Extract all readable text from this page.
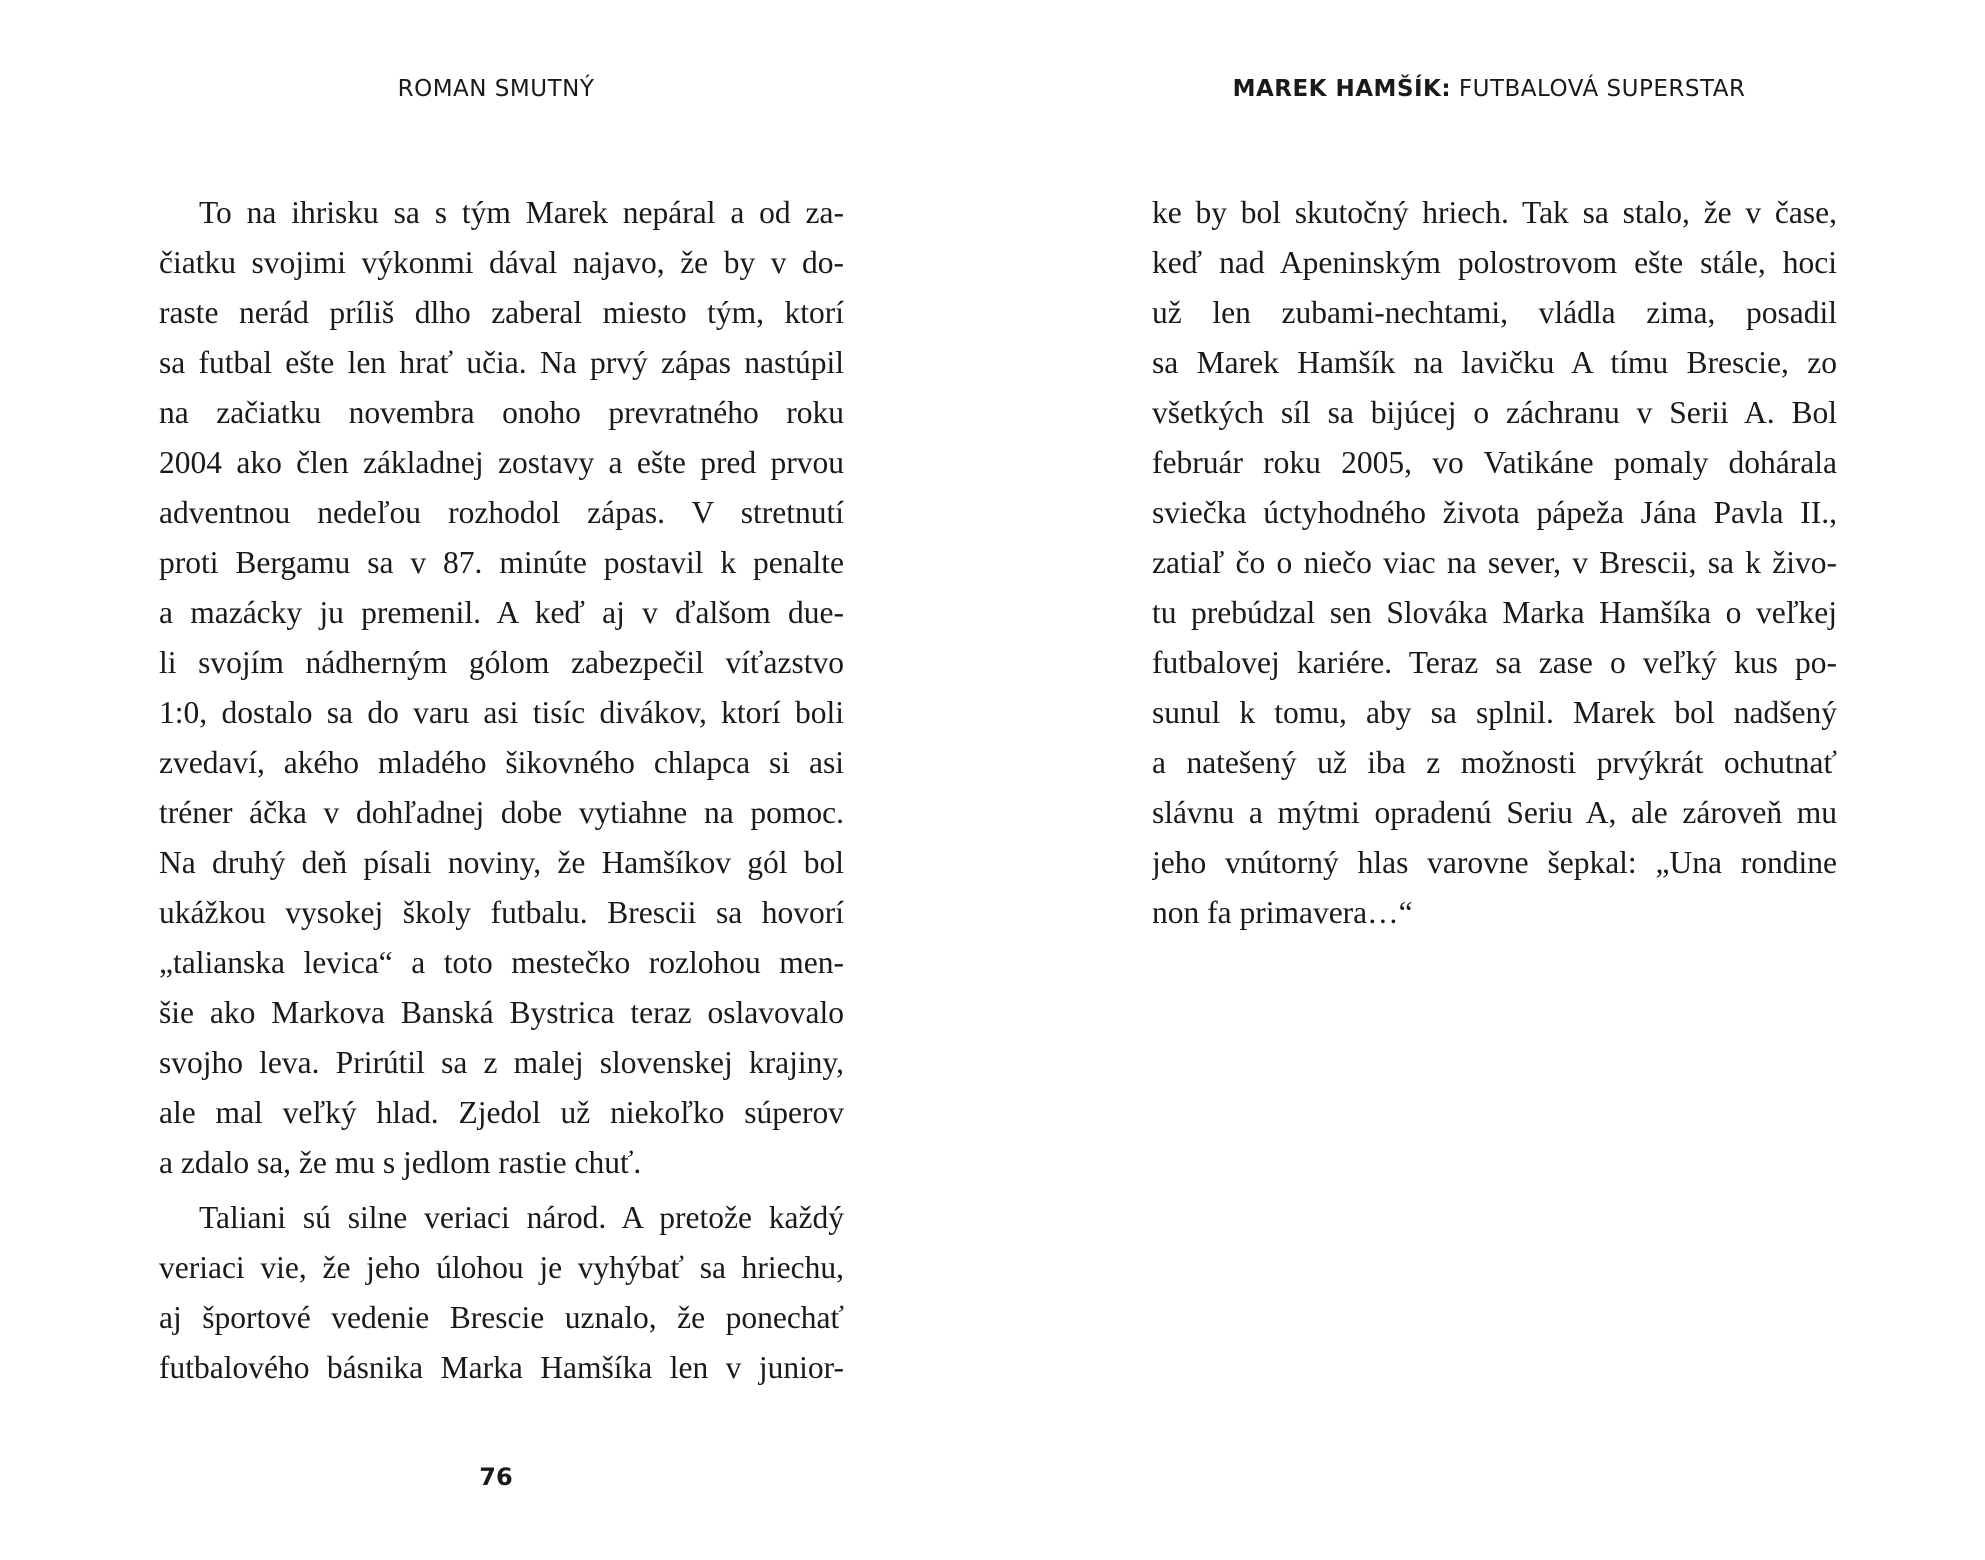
ROMAN SMUTNÝ
To na ihrisku sa s tým Marek nepáral a od za-
čiatku svojimi výkonmi dával najavo, že by v do-
raste nerád príliš dlho zaberal miesto tým, ktorí
sa futbal ešte len hrať učia. Na prvý zápas nastúpil
na začiatku novembra onoho prevratného roku
2004 ako člen základnej zostavy a ešte pred prvou
adventnou nedeľou rozhodol zápas. V stretnutí
proti Bergamu sa v 87. minúte postavil k penalte
a mazácky ju premenil. A keď aj v ďalšom due-
li svojím nádherným gólom zabezpečil víťazstvo
1:0, dostalo sa do varu asi tisíc divákov, ktorí boli
zvedaví, akého mladého šikovného chlapca si asi
tréner áčka v dohľadnej dobe vytiahne na pomoc.
Na druhý deň písali noviny, že Hamšíkov gól bol
ukážkou vysokej školy futbalu. Brescii sa hovorí
„talianska levica“ a toto mestečko rozlohou men-
šie ako Markova Banská Bystrica teraz oslavovalo
svojho leva. Prirútil sa z malej slovenskej krajiny,
ale mal veľký hlad. Zjedol už niekoľko súperov
a zdalo sa, že mu s jedlom rastie chuť.
Taliani sú silne veriaci národ. A pretože každý
veriaci vie, že jeho úlohou je vyhýbať sa hriechu,
aj športové vedenie Brescie uznalo, že ponechať
futbalového básnika Marka Hamšíka len v junior-
76
MAREK HAMŠÍK: FUTBALOVÁ SUPERSTAR
ke by bol skutočný hriech. Tak sa stalo, že v čase,
keď nad Apeninským polostrovom ešte stále, hoci
už len zubami-nechtami, vládla zima, posadil
sa Marek Hamšík na lavičku A tímu Brescie, zo
všetkých síl sa bijúcej o záchranu v Serii A. Bol
február roku 2005, vo Vatikáne pomaly dohárala
sviečka úctyhodného života pápeža Jána Pavla II.,
zatiaľ čo o niečo viac na sever, v Brescii, sa k živo-
tu prebúdzal sen Slováka Marka Hamšíka o veľkej
futbalovej kariére. Teraz sa zase o veľký kus po-
sunul k tomu, aby sa splnil. Marek bol nadšený
a natešený už iba z možnosti prvýkrát ochutnať
slávnu a mýtmi opradenú Seriu A, ale zároveň mu
jeho vnútorný hlas varovne šepkal: „Una rondine
non fa primavera…“
